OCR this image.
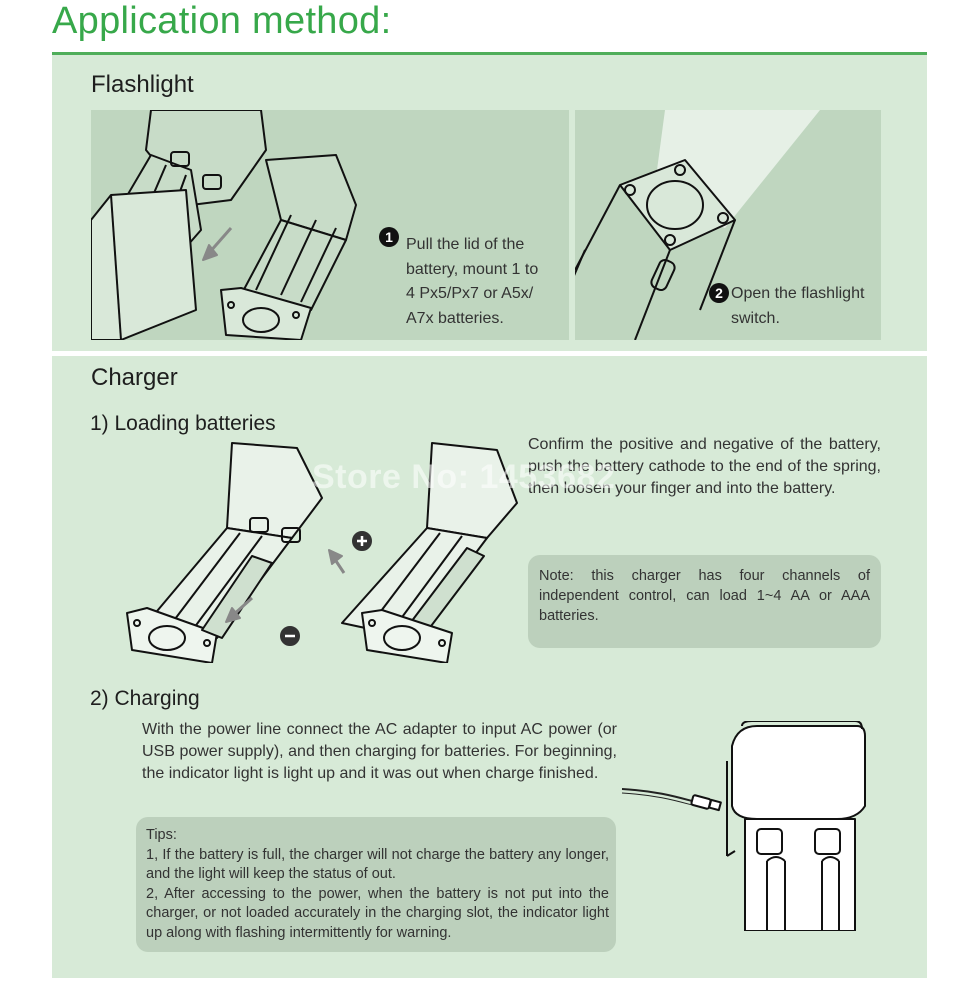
Application method:
Flashlight
1 Pull the lid of the
battery, mount 1 to
4 Px5/Px7 or A5x/
A7x batteries.
2 Open the flashlight
switch.
Charger
1) Loading batteries
Confirm the positive and negative of the battery, push the battery cathode to the end of the spring, then loosen your finger and into the battery.
Store No: 1453682
Note: this charger has four channels of independent control, can load 1~4 AA or AAA batteries.
2) Charging
With the power line connect the AC adapter to input AC power (or USB power supply), and then charging for batteries. For beginning, the indicator light is light up and it was out when charge finished.
Tips:
1, If the battery is full, the charger will not charge the battery any longer, and the light will keep the status of out.
2, After accessing to the power, when the battery is not put into the charger, or not loaded accurately in the charging slot, the indicator light up along with flashing intermittently for warning.
